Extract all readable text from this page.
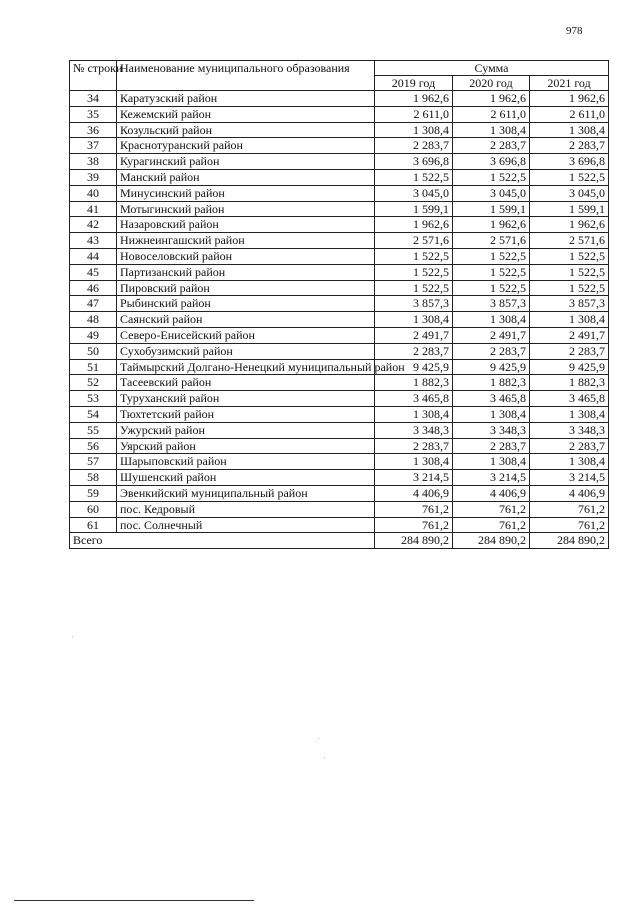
978
№ строки	Наименование муниципального образования	Сумма		
		2019 год	2020 год	2021 год
34	Каратузский район	1 962,6	1 962,6	1 962,6
35	Кежемский район	2 611,0	2 611,0	2 611,0
36	Козульский район	1 308,4	1 308,4	1 308,4
37	Краснотуранский район	2 283,7	2 283,7	2 283,7
38	Курагинский район	3 696,8	3 696,8	3 696,8
39	Манский район	1 522,5	1 522,5	1 522,5
40	Минусинский район	3 045,0	3 045,0	3 045,0
41	Мотыгинский район	1 599,1	1 599,1	1 599,1
42	Назаровский район	1 962,6	1 962,6	1 962,6
43	Нижнеингашский район	2 571,6	2 571,6	2 571,6
44	Новоселовский район	1 522,5	1 522,5	1 522,5
45	Партизанский район	1 522,5	1 522,5	1 522,5
46	Пировский район	1 522,5	1 522,5	1 522,5
47	Рыбинский район	3 857,3	3 857,3	3 857,3
48	Саянский район	1 308,4	1 308,4	1 308,4
49	Северо-Енисейский район	2 491,7	2 491,7	2 491,7
50	Сухобузимский район	2 283,7	2 283,7	2 283,7
51	Таймырский Долгано-Ненецкий муниципальный район	9 425,9	9 425,9	9 425,9
52	Тасеевский район	1 882,3	1 882,3	1 882,3
53	Туруханский район	3 465,8	3 465,8	3 465,8
54	Тюхтетский район	1 308,4	1 308,4	1 308,4
55	Ужурский район	3 348,3	3 348,3	3 348,3
56	Уярский район	2 283,7	2 283,7	2 283,7
57	Шарыповский район	1 308,4	1 308,4	1 308,4
58	Шушенский район	3 214,5	3 214,5	3 214,5
59	Эвенкийский муниципальный район	4 406,9	4 406,9	4 406,9
60	пос. Кедровый	761,2	761,2	761,2
61	пос. Солнечный	761,2	761,2	761,2
Всего		284 890,2	284 890,2	284 890,2
